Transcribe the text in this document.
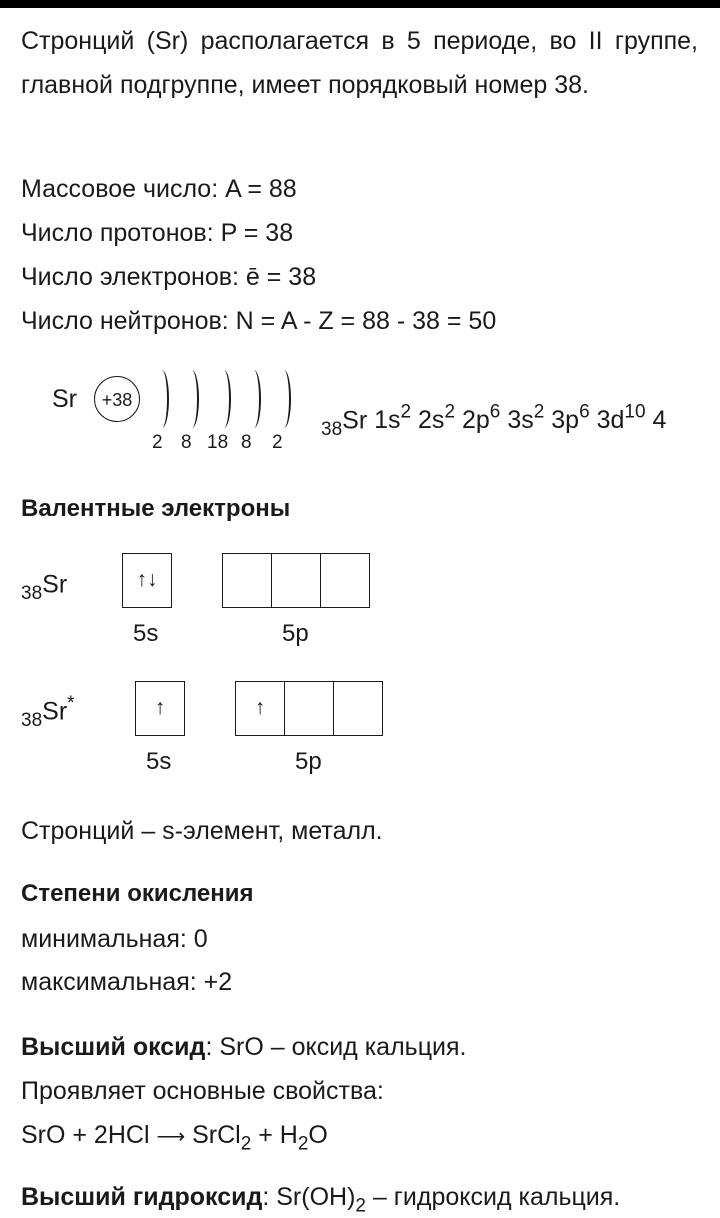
Стронций (Sr) располагается в 5 периоде, во II группе, главной подгруппе, имеет порядковый номер 38.
Массовое число: A = 88
Число протонов: P = 38
Число электронов: ē = 38
Число нейтронов: N = A - Z = 88 - 38 = 50
Sr	+38
2 8 18 8 2
$_{38}$Sr $1s^2$ $2s^2$ $2p^6$ $3s^2$ $3p^6$ $3d^{10}$ 4
Валентные электроны
$_{38}$Sr	↑↓
5s	5p
$_{38}$Sr*	↑	↑
5s	5p
Стронций – s-элемент, металл.
Степени окисления
минимальная: 0
максимальная: +2
Высший оксид: SrO – оксид кальция.
Проявляет основные свойства:
SrO + 2HCl ⟶ SrCl$_2$ + $H_2O$
Высший гидроксид: $Sr(OH)_2$ – гидроксид кальция.
